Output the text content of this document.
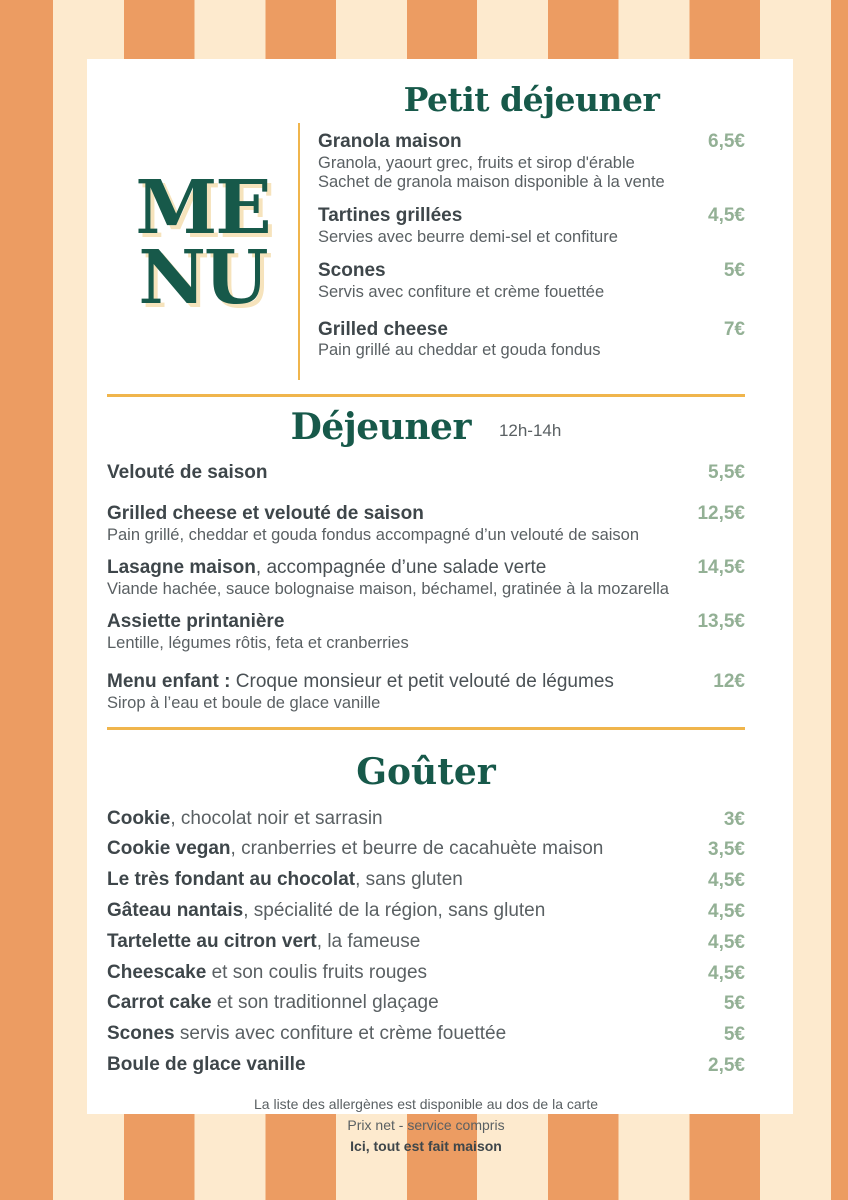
Petit déjeuner
ME
NU
Granola maison	6,5€
Granola, yaourt grec, fruits et sirop d'érable
Sachet de granola maison disponible à la vente
Tartines grillées	4,5€
Servies avec beurre demi-sel et confiture
Scones	5€
Servis avec confiture et crème fouettée
Grilled cheese	7€
Pain grillé au cheddar et gouda fondus
Déjeuner 12h-14h
Velouté de saison	5,5€
Grilled cheese et velouté de saison	12,5€
Pain grillé, cheddar et gouda fondus accompagné d’un velouté de saison
Lasagne maison, accompagnée d’une salade verte	14,5€
Viande hachée, sauce bolognaise maison, béchamel, gratinée à la mozarella
Assiette printanière	13,5€
Lentille, légumes rôtis, feta et cranberries
Menu enfant : Croque monsieur et petit velouté de légumes	12€
Sirop à l’eau et boule de glace vanille
Goûter
Cookie, chocolat noir et sarrasin	3€
Cookie vegan, cranberries et beurre de cacahuète maison	3,5€
Le très fondant au chocolat, sans gluten	4,5€
Gâteau nantais, spécialité de la région, sans gluten	4,5€
Tartelette au citron vert, la fameuse	4,5€
Cheescake et son coulis fruits rouges	4,5€
Carrot cake et son traditionnel glaçage	5€
Scones servis avec confiture et crème fouettée	5€
Boule de glace vanille	2,5€
La liste des allergènes est disponible au dos de la carte
Prix net - service compris
Ici, tout est fait maison
